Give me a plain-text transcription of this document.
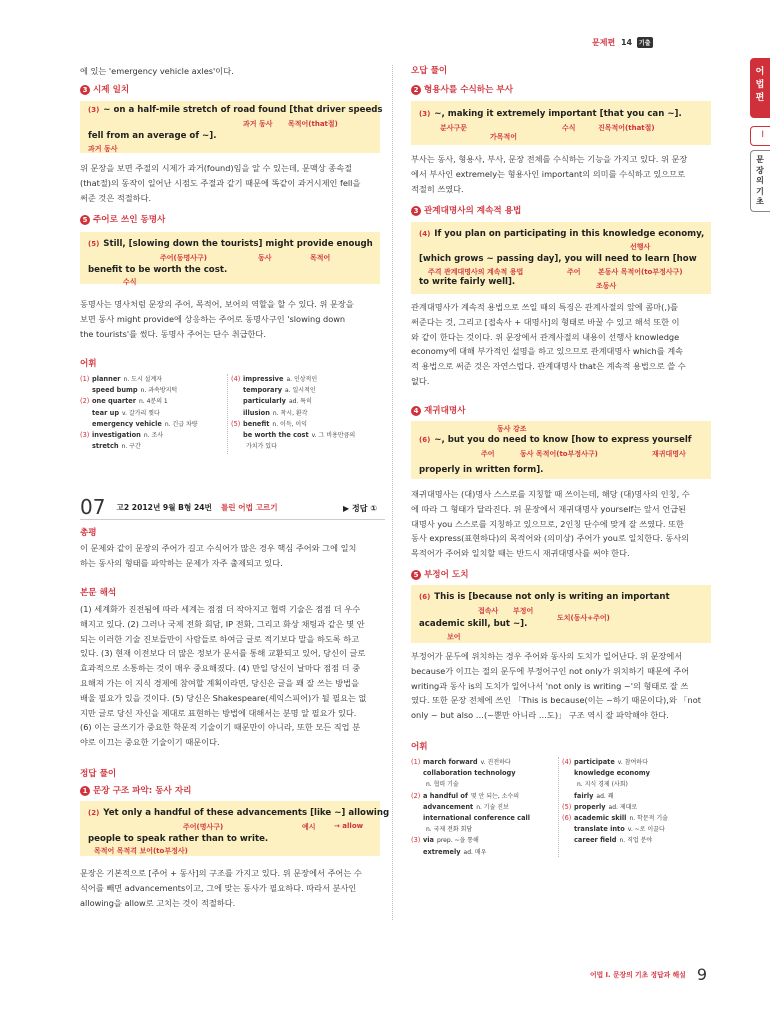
문제편 14 기출
어법편
I
문장의 기초
에 있는 'emergency vehicle axles'이다.
3 시제 일치
(3) ~ on a half-mile stretch of road found [that driver speeds
과거 동사 목적어(that절)
fell from an average of ~].
과거 동사
위 문장을 보면 주절의 시제가 과거(found)임을 알 수 있는데, 문맥상 종속절
(that절)의 동작이 일어난 시점도 주절과 같기 때문에 똑같이 과거시제인 fell을
써준 것은 적절하다.
5 주어로 쓰인 동명사
(5) Still, [slowing down the tourists] might provide enough
주어(동명사구)	동사	목적어
benefit to be worth the cost.
수식
동명사는 명사처럼 문장의 주어, 목적어, 보어의 역할을 할 수 있다. 위 문장을
보면 동사 might provide에 상응하는 주어로 동명사구인 'slowing down
the tourists'를 썼다. 동명사 주어는 단수 취급한다.
어휘
(1) planner n. 도시 설계자
speed bump n. 과속방지턱
(2) one quarter n. 4분의 1
tear up v. 갈가리 찢다
emergency vehicle n. 긴급 차량
(3) investigation n. 조사
stretch n. 구간
(4) impressive a. 인상적인
temporary a. 일시적인
particularly ad. 특히
illusion n. 착시, 환각
(5) benefit n. 이득, 이익
be worth the cost v. 그 비용만큼의
가치가 있다
07 $^{고2 2012년 9월 B형 24번}$ $^{틀린 어법 고르기}$	▶ 정답 ①
총평
이 문제와 같이 문장의 주어가 길고 수식어가 많은 경우 핵심 주어와 그에 일치
하는 동사의 형태를 파악하는 문제가 자주 출제되고 있다.
본문 해석
(1) 세계화가 진전됨에 따라 세계는 점점 더 작아지고 협력 기술은 점점 더 우수
해지고 있다. (2) 그러나 국제 전화 회담, IP 전화, 그리고 화상 채팅과 같은 몇 안
되는 이러한 기술 진보들만이 사람들로 하여금 글로 적기보다 말을 하도록 하고
있다. (3) 현재 이전보다 더 많은 정보가 문서를 통해 교환되고 있어, 당신이 글로
효과적으로 소통하는 것이 매우 중요해졌다. (4) 만일 당신이 날마다 점점 더 중
요해져 가는 이 지식 경제에 참여할 계획이라면, 당신은 글을 꽤 잘 쓰는 방법을
배울 필요가 있을 것이다. (5) 당신은 Shakespeare(셰익스피어)가 될 필요는 없
지만 글로 당신 자신을 제대로 표현하는 방법에 대해서는 분명 알 필요가 있다.
(6) 이는 글쓰기가 중요한 학문적 기술이기 때문만이 아니라, 또한 모든 직업 분
야로 이끄는 중요한 기술이기 때문이다.
정답 풀이
1 문장 구조 파악: 동사 자리
(2) Yet only a handful of these advancements [like ~] allowing
주어(명사구)	예시	→ allow
people to speak rather than to write.
목적어 목적격 보어(to부정사)
문장은 기본적으로 [주어 + 동사]의 구조를 가지고 있다. 위 문장에서 주어는 수
식어를 빼면 advancements이고, 그에 맞는 동사가 필요하다. 따라서 분사인
allowing을 allow로 고치는 것이 적절하다.
오답 풀이
2 형용사를 수식하는 부사
(3) ~, making it extremely important [that you can ~].
분사구문	수식	진목적어(that절)
가목적어
부사는 동사, 형용사, 부사, 문장 전체를 수식하는 기능을 가지고 있다. 위 문장
에서 부사인 extremely는 형용사인 important의 의미를 수식하고 있으므로
적절히 쓰였다.
3 관계대명사의 계속적 용법
(4) If you plan on participating in this knowledge economy,
선행사
[which grows ~ passing day], you will need to learn [how
주격 관계대명사의 계속적 용법	주어 본동사 목적어(to부정사구)
to write fairly well].	조동사
관계대명사가 계속적 용법으로 쓰일 때의 특징은 관계사절의 앞에 콤마(,)를
써준다는 것, 그리고 [접속사 + 대명사]의 형태로 바꿀 수 있고 해석 또한 이
와 같이 한다는 것이다. 위 문장에서 관계사절의 내용이 선행사 knowledge
economy에 대해 부가적인 설명을 하고 있으므로 관계대명사 which를 계속
적 용법으로 써준 것은 자연스럽다. 관계대명사 that은 계속적 용법으로 쓸 수
없다.
4 재귀대명사
동사 강조
(6) ~, but you do need to know [how to express yourself
주어	동사 목적어(to부정사구)	재귀대명사
properly in written form].
재귀대명사는 (대)명사 스스로를 지칭할 때 쓰이는데, 해당 (대)명사의 인칭, 수
에 따라 그 형태가 달라진다. 위 문장에서 재귀대명사 yourself는 앞서 언급된
대명사 you 스스로를 지칭하고 있으므로, 2인칭 단수에 맞게 잘 쓰였다. 또한
동사 express(표현하다)의 목적어와 (의미상) 주어가 you로 일치한다. 동사의
목적어가 주어와 일치할 때는 반드시 재귀대명사를 써야 한다.
5 부정어 도치
(6) This is [because not only is writing an important
접속사 부정어
도치(동사+주어)
academic skill, but ~].
보어
부정어가 문두에 위치하는 경우 주어와 동사의 도치가 일어난다. 위 문장에서
because가 이끄는 절의 문두에 부정어구인 not only가 위치하기 때문에 주어
writing과 동사 is의 도치가 일어나서 'not only is writing ~'의 형태로 잘 쓰
였다. 또한 문장 전체에 쓰인 「This is because(이는 ~하기 때문이다),와 「not
only ~ but also …(~뿐만 아니라 …도)」 구조 역시 잘 파악해야 한다.
어휘
(1) march forward v. 진전하다
collaboration technology
n. 협력 기술
(2) a handful of 몇 안 되는, 소수의
advancement n. 기술 진보
international conference call
n. 국제 전화 회담
(3) via prep. ~을 통해
extremely ad. 매우
(4) participate v. 참여하다
knowledge economy
n. 지식 경제 (사회)
fairly ad. 꽤
(5) properly ad. 제대로
(6) academic skill n. 학문적 기술
translate into v. ~로 이끌다
career field n. 직업 분야
어법 I. 문장의 기초 정답과 해설 9
